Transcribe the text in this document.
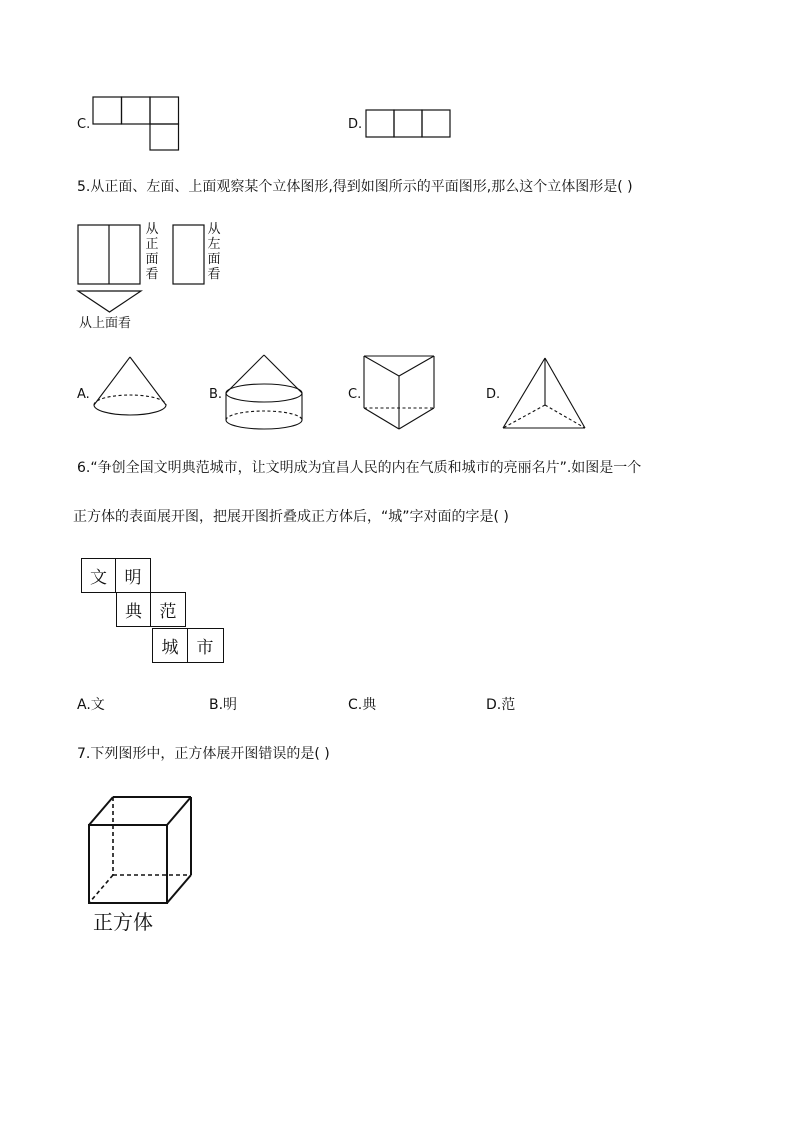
C.	D.
5.从正面、左面、上面观察某个立体图形,得到如图所示的平面图形,那么这个立体图形是( )
从正面看
从左面看
从上面看
A.	B.	C.	D.
6.“争创全国文明典范城市，让文明成为宜昌人民的内在气质和城市的亮丽名片”.如图是一个
正方体的表面展开图，把展开图折叠成正方体后，“城”字对面的字是( )
文	明
典	范
城	市
A.文	B.明	C.典	D.范
7.下列图形中，正方体展开图错误的是( )
正方体
